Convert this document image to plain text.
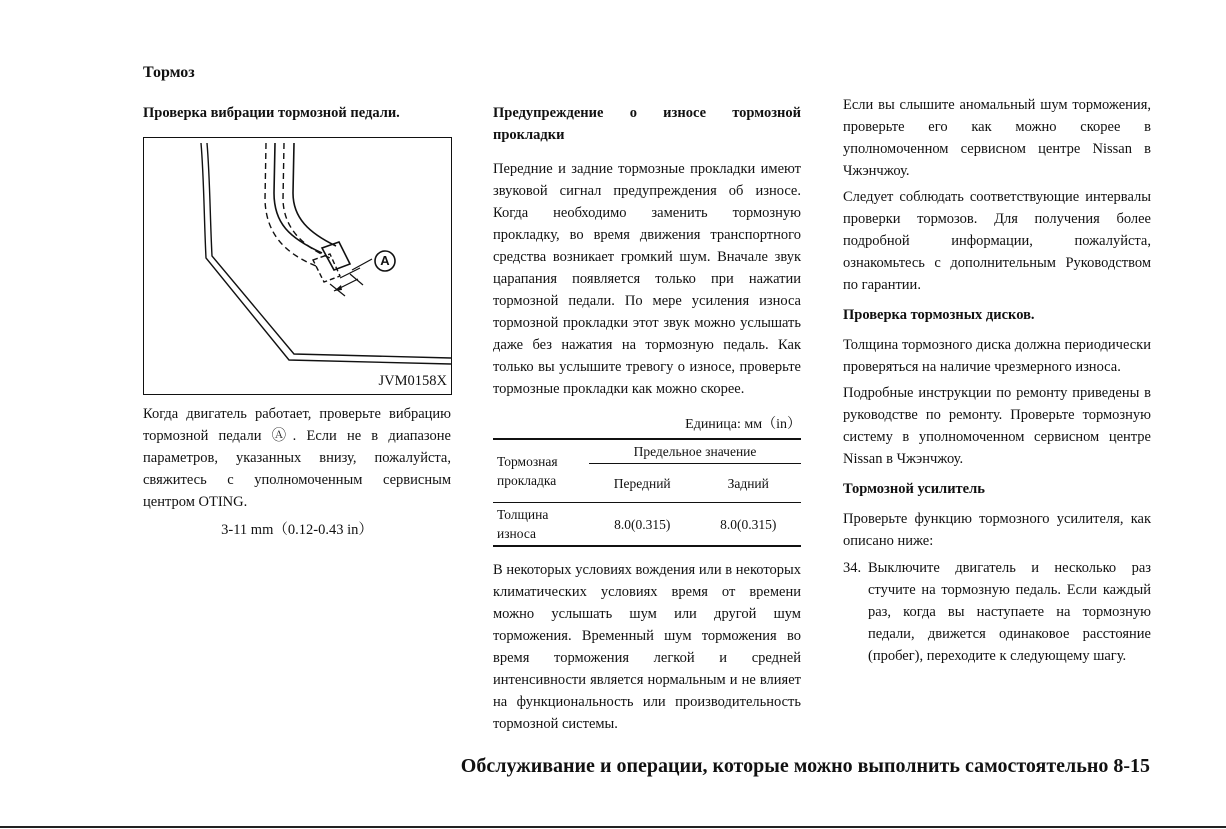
Тормоз
Проверка вибрации тормозной педали.
A
JVM0158X

Когда двигатель работает, проверьте вибрацию тормозной педали Ⓐ. Если не в диапазоне параметров, указанных внизу, пожалуйста, свяжитесь с уполномоченным сервисным центром OTING.

3-11 mm（0.12-0.43 in）
Предупреждение о износе тормозной прокладки

Передние и задние тормозные прокладки имеют звуковой сигнал предупреждения об износе. Когда необходимо заменить тормозную прокладку, во время движения транспортного средства возникает громкий шум. Вначале звук царапания появляется только при нажатии тормозной педали. По мере усиления износа тормозной прокладки этот звук можно услышать даже без нажатия на тормозную педаль. Как только вы услышите тревогу о износе, проверьте тормозные прокладки как можно скорее.

Единица: мм（in）
Тормозная прокладка	Предельное значение	
	Передний	Задний
Толщина износа	8.0(0.315)	8.0(0.315)

В некоторых условиях вождения или в некоторых климатических условиях время от времени можно услышать шум или другой шум торможения. Временный шум торможения во время торможения легкой и средней интенсивности является нормальным и не влияет на функциональность или производительность тормозной системы.

Если вы слышите аномальный шум торможения, проверьте его как можно скорее в уполномоченном сервисном центре Nissan в Чжэнчжоу.

Следует соблюдать соответствующие интервалы проверки тормозов. Для получения более подробной информации, пожалуйста, ознакомьтесь с дополнительным Руководством по гарантии.

Проверка тормозных дисков.

Толщина тормозного диска должна периодически проверяться на наличие чрезмерного износа.

Подробные инструкции по ремонту приведены в руководстве по ремонту. Проверьте тормозную систему в уполномоченном сервисном центре Nissan в Чжэнчжоу.

Тормозной усилитель

Проверьте функцию тормозного усилителя, как описано ниже:

34. Выключите двигатель и несколько раз стучите на тормозную педаль. Если каждый раз, когда вы наступаете на тормозную педали, движется одинаковое расстояние (пробег), переходите к следующему шагу.
Обслуживание и операции, которые можно выполнить самостоятельно 8-15
